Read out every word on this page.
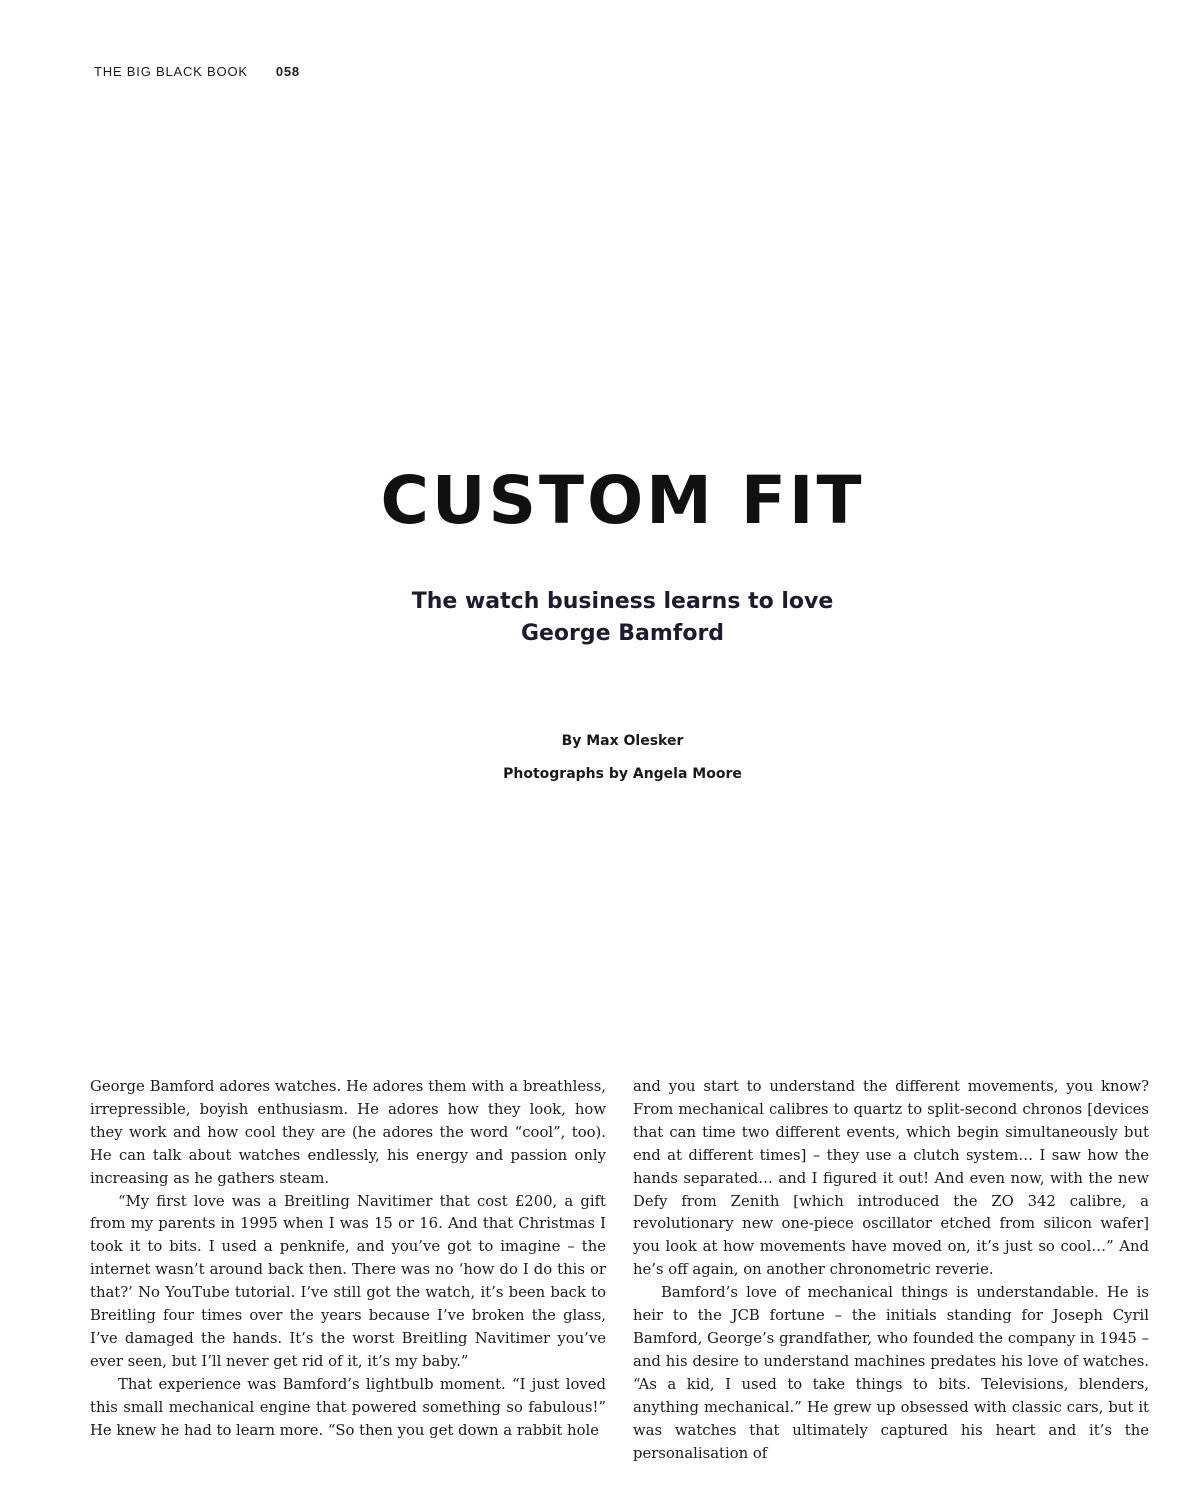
THE BIG BLACK BOOK 058
CUSTOM FIT
The watch business learns to love
George Bamford
By Max Olesker
Photographs by Angela Moore

George Bamford adores watches. He adores them with a breathless, irrepressible, boyish enthusiasm. He adores how they look, how they work and how cool they are (he adores the word “cool”, too). He can talk about watches endlessly, his energy and passion only increasing as he gathers steam.

“My first love was a Breitling Navitimer that cost £200, a gift from my parents in 1995 when I was 15 or 16. And that Christmas I took it to bits. I used a penknife, and you’ve got to imagine – the internet wasn’t around back then. There was no ‘how do I do this or that?’ No YouTube tutorial. I’ve still got the watch, it’s been back to Breitling four times over the years because I’ve broken the glass, I’ve damaged the hands. It’s the worst Breitling Navitimer you’ve ever seen, but I’ll never get rid of it, it’s my baby.”

That experience was Bamford’s lightbulb moment. “I just loved this small mechanical engine that powered something so fabulous!” He knew he had to learn more. “So then you get down a rabbit hole

and you start to understand the different movements, you know? From mechanical calibres to quartz to split-second chronos [devices that can time two different events, which begin simultaneously but end at different times] – they use a clutch system… I saw how the hands separated… and I figured it out! And even now, with the new Defy from Zenith [which introduced the ZO 342 calibre, a revolutionary new one-piece oscillator etched from silicon wafer] you look at how movements have moved on, it’s just so cool…” And he’s off again, on another chronometric reverie.

Bamford’s love of mechanical things is understandable. He is heir to the JCB fortune – the initials standing for Joseph Cyril Bamford, George’s grandfather, who founded the company in 1945 – and his desire to understand machines predates his love of watches. “As a kid, I used to take things to bits. Televisions, blenders, anything mechanical.” He grew up obsessed with classic cars, but it was watches that ultimately captured his heart and it’s the personalisation of
